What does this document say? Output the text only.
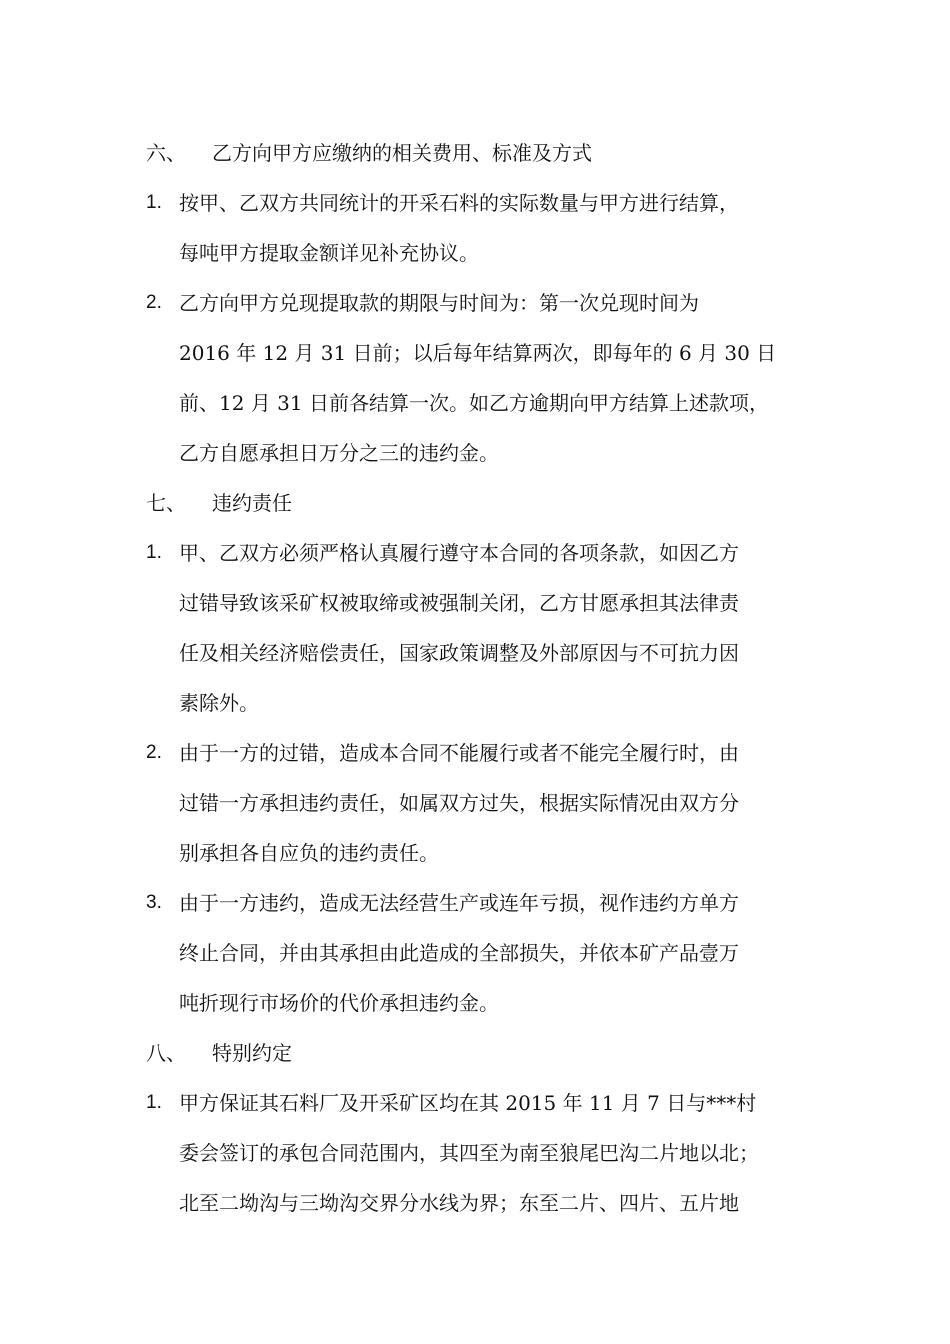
六、 乙方向甲方应缴纳的相关费用、标准及方式
1. 按甲、乙双方共同统计的开采石料的实际数量与甲方进行结算，
每吨甲方提取金额详见补充协议。
2. 乙方向甲方兑现提取款的期限与时间为：第一次兑现时间为
2016 年 12 月 31 日前；以后每年结算两次，即每年的 6 月 30 日
前、12 月 31 日前各结算一次。如乙方逾期向甲方结算上述款项，
乙方自愿承担日万分之三的违约金。
七、 违约责任
1. 甲、乙双方必须严格认真履行遵守本合同的各项条款，如因乙方
过错导致该采矿权被取缔或被强制关闭，乙方甘愿承担其法律责
任及相关经济赔偿责任，国家政策调整及外部原因与不可抗力因
素除外。
2. 由于一方的过错，造成本合同不能履行或者不能完全履行时，由
过错一方承担违约责任，如属双方过失，根据实际情况由双方分
别承担各自应负的违约责任。
3. 由于一方违约，造成无法经营生产或连年亏损，视作违约方单方
终止合同，并由其承担由此造成的全部损失，并依本矿产品壹万
吨折现行市场价的代价承担违约金。
八、 特别约定
1. 甲方保证其石料厂及开采矿区均在其 2015 年 11 月 7 日与***村
委会签订的承包合同范围内，其四至为南至狼尾巴沟二片地以北；
北至二坳沟与三坳沟交界分水线为界；东至二片、四片、五片地
